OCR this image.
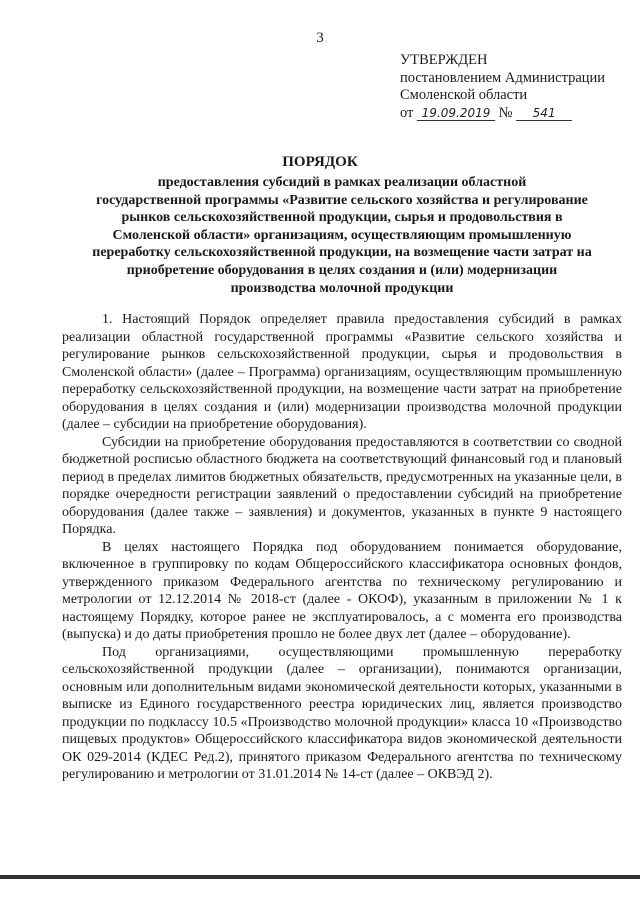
3
УТВЕРЖДЕН
постановлением Администрации
Смоленской области
от 19.09.2019 № 541
ПОРЯДОК
предоставления субсидий в рамках реализации областной
государственной программы «Развитие сельского хозяйства и регулирование
рынков сельскохозяйственной продукции, сырья и продовольствия в
Смоленской области» организациям, осуществляющим промышленную
переработку сельскохозяйственной продукции, на возмещение части затрат на
приобретение оборудования в целях создания и (или) модернизации
производства молочной продукции

1. Настоящий Порядок определяет правила предоставления субсидий в рамках реализации областной государственной программы «Развитие сельского хозяйства и регулирование рынков сельскохозяйственной продукции, сырья и продовольствия в Смоленской области» (далее – Программа) организациям, осуществляющим промышленную переработку сельскохозяйственной продукции, на возмещение части затрат на приобретение оборудования в целях создания и (или) модернизации производства молочной продукции (далее – субсидии на приобретение оборудования).

Субсидии на приобретение оборудования предоставляются в соответствии со сводной бюджетной росписью областного бюджета на соответствующий финансовый год и плановый период в пределах лимитов бюджетных обязательств, предусмотренных на указанные цели, в порядке очередности регистрации заявлений о предоставлении субсидий на приобретение оборудования (далее также – заявления) и документов, указанных в пункте 9 настоящего Порядка.

В целях настоящего Порядка под оборудованием понимается оборудование, включенное в группировку по кодам Общероссийского классификатора основных фондов, утвержденного приказом Федерального агентства по техническому регулированию и метрологии от 12.12.2014 № 2018-ст (далее - ОКОФ), указанным в приложении № 1 к настоящему Порядку, которое ранее не эксплуатировалось, а с момента его производства (выпуска) и до даты приобретения прошло не более двух лет (далее – оборудование).

Под организациями, осуществляющими промышленную переработку сельскохозяйственной продукции (далее – организации), понимаются организации, основным или дополнительным видами экономической деятельности которых, указанными в выписке из Единого государственного реестра юридических лиц, является производство продукции по подклассу 10.5 «Производство молочной продукции» класса 10 «Производство пищевых продуктов» Общероссийского классификатора видов экономической деятельности ОК 029-2014 (КДЕС Ред.2), принятого приказом Федерального агентства по техническому регулированию и метрологии от 31.01.2014 № 14-ст (далее – ОКВЭД 2).
